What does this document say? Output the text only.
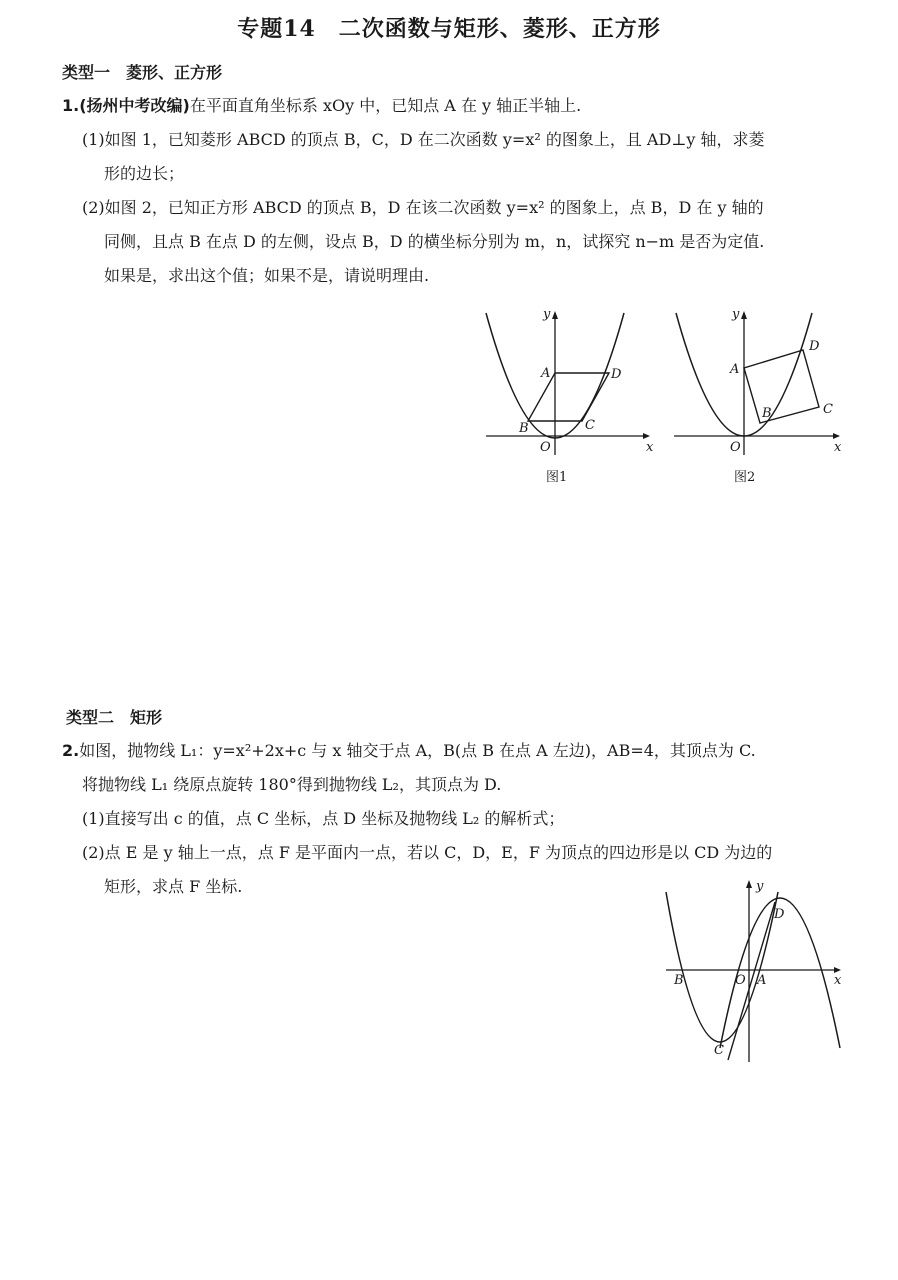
专题14　二次函数与矩形、菱形、正方形
类型一　菱形、正方形
1.(扬州中考改编)在平面直角坐标系 xOy 中，已知点 A 在 y 轴正半轴上.
(1)如图 1，已知菱形 ABCD 的顶点 B，C，D 在二次函数 y=x² 的图象上，且 AD⊥y 轴，求菱
形的边长；
(2)如图 2，已知正方形 ABCD 的顶点 B，D 在该二次函数 y=x² 的图象上，点 B，D 在 y 轴的
同侧，且点 B 在点 D 的左侧，设点 B，D 的横坐标分别为 m，n，试探究 n−m 是否为定值.
如果是，求出这个值；如果不是，请说明理由.
x
y
O
A
B	C
D
图1
x
y
O
A
B	C
D
图2
类型二　矩形
2.如图，抛物线 L₁：y=x²+2x+c 与 x 轴交于点 A，B(点 B 在点 A 左边)，AB=4，其顶点为 C.
将抛物线 L₁ 绕原点旋转 180°得到抛物线 L₂，其顶点为 D.
(1)直接写出 c 的值，点 C 坐标，点 D 坐标及抛物线 L₂ 的解析式；
(2)点 E 是 y 轴上一点，点 F 是平面内一点，若以 C，D，E，F 为顶点的四边形是以 CD 为边的
矩形，求点 F 坐标.
x
y
O A
B
C
D
